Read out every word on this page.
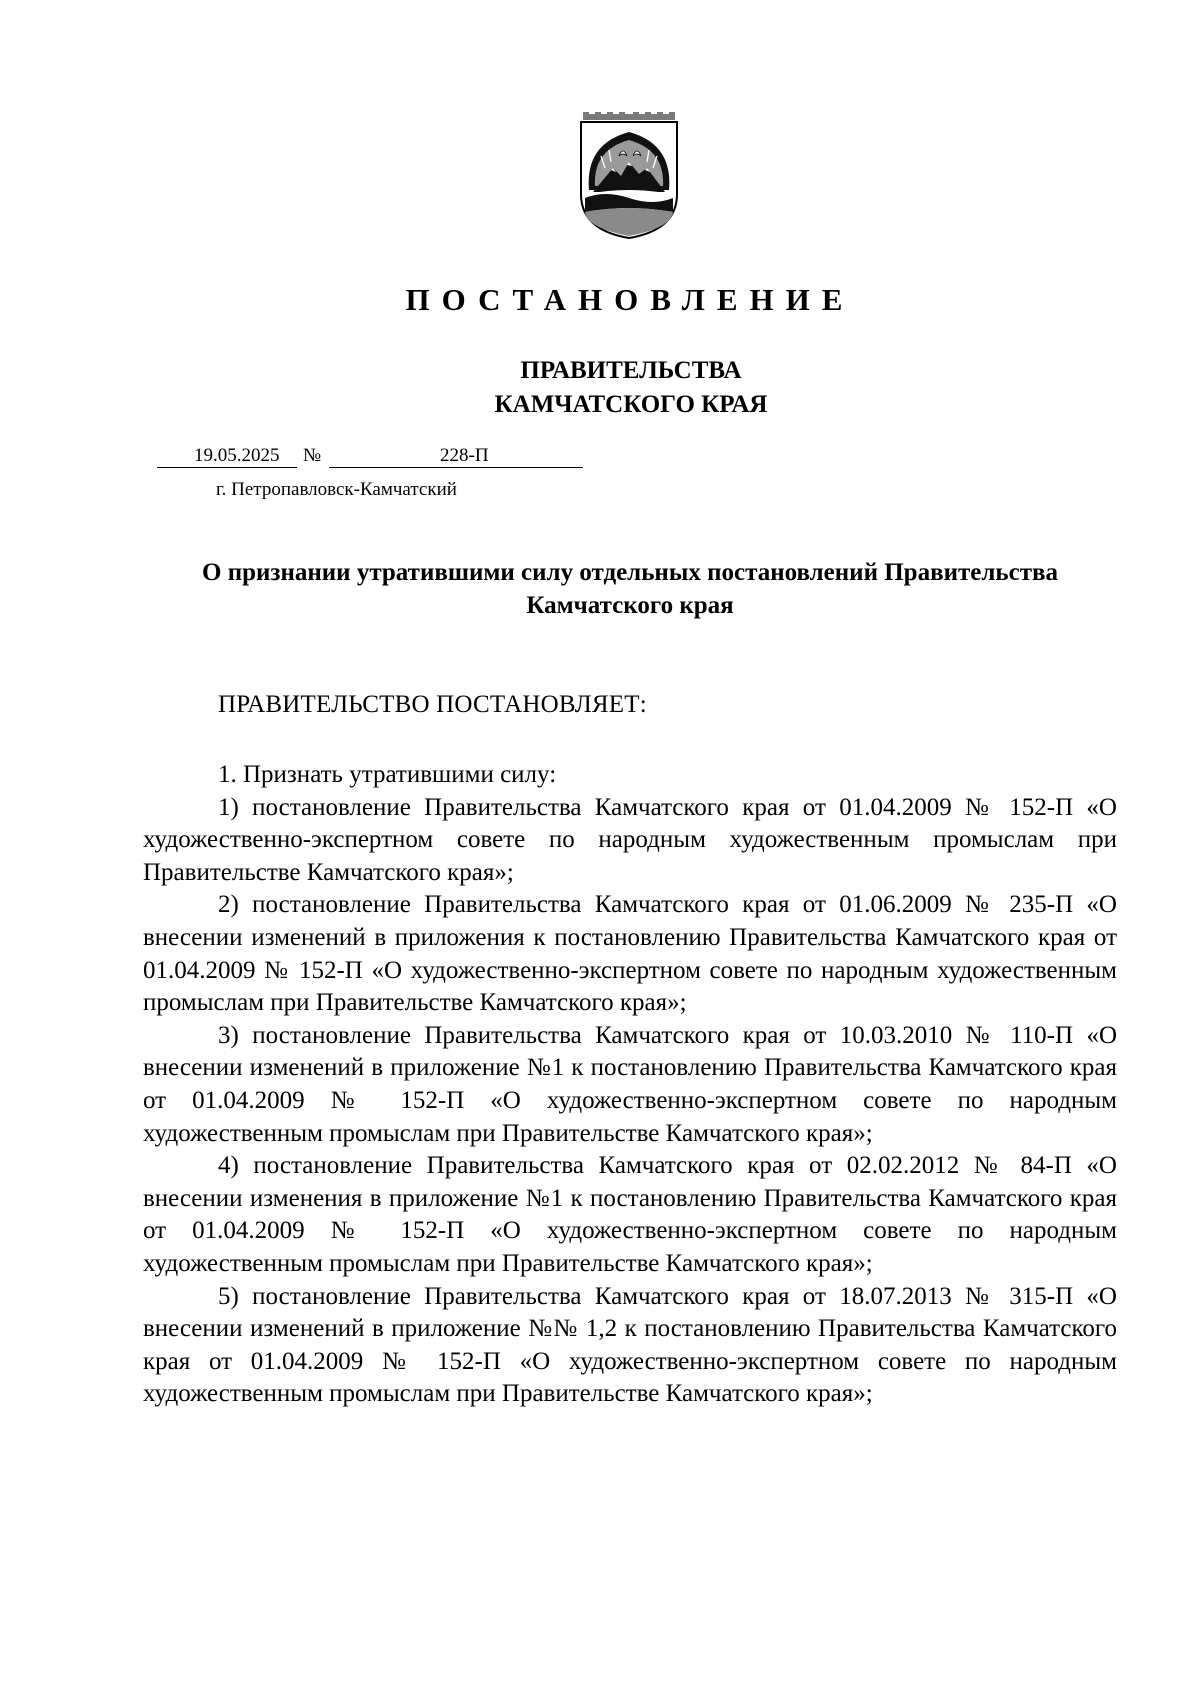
ПОСТАНОВЛЕНИЕ
ПРАВИТЕЛЬСТВА
КАМЧАТСКОГО КРАЯ
19.05.2025 №	228-П
г. Петропавловск-Камчатский
О признании утратившими силу отдельных постановлений Правительства Камчатского края
ПРАВИТЕЛЬСТВО ПОСТАНОВЛЯЕТ:

1. Признать утратившими силу:

1) постановление Правительства Камчатского края от 01.04.2009 № 152-П «О художественно-экспертном совете по народным художественным промыслам при Правительстве Камчатского края»;

2) постановление Правительства Камчатского края от 01.06.2009 № 235-П «О внесении изменений в приложения к постановлению Правительства Камчатского края от 01.04.2009 № 152-П «О художественно-экспертном совете по народным художественным промыслам при Правительстве Камчатского края»;

3) постановление Правительства Камчатского края от 10.03.2010 № 110-П «О внесении изменений в приложение №1 к постановлению Правительства Камчатского края от 01.04.2009 № 152-П «О художественно-экспертном совете по народным художественным промыслам при Правительстве Камчатского края»;

4) постановление Правительства Камчатского края от 02.02.2012 № 84-П «О внесении изменения в приложение №1 к постановлению Правительства Камчатского края от 01.04.2009 № 152-П «О художественно-экспертном совете по народным художественным промыслам при Правительстве Камчатского края»;

5) постановление Правительства Камчатского края от 18.07.2013 № 315-П «О внесении изменений в приложение №№ 1,2 к постановлению Правительства Камчатского края от 01.04.2009 № 152-П «О художественно-экспертном совете по народным художественным промыслам при Правительстве Камчатского края»;
